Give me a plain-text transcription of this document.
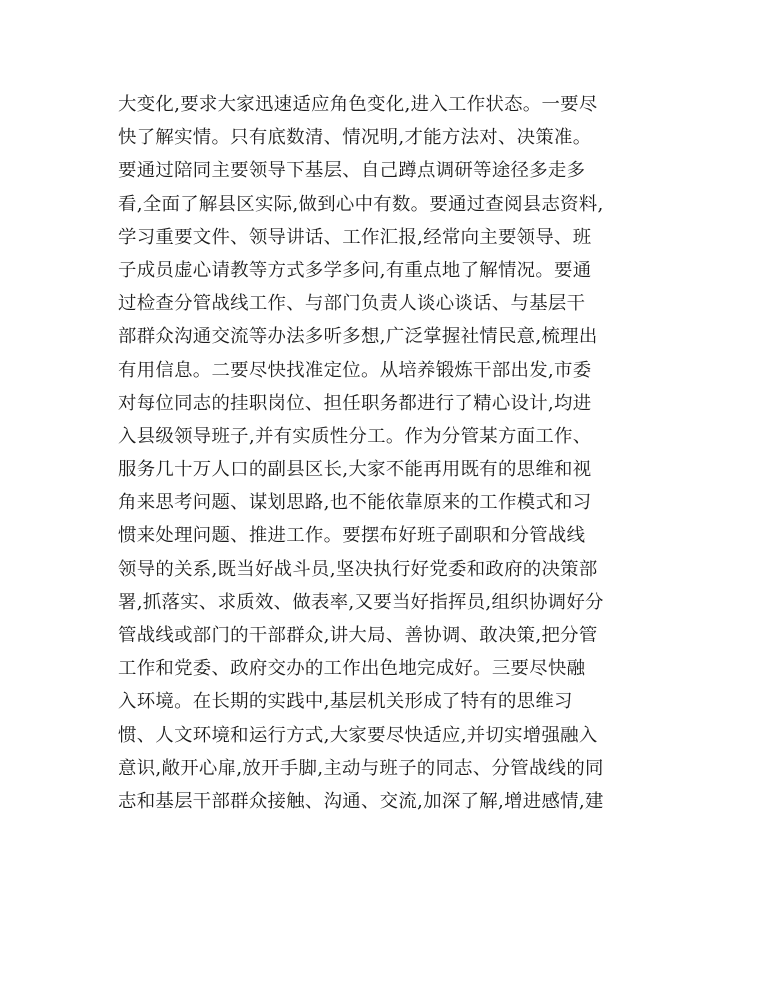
大变化,要求大家迅速适应角色变化,进入工作状态。一要尽
快了解实情。只有底数清、情况明,才能方法对、决策准。
要通过陪同主要领导下基层、自己蹲点调研等途径多走多
看,全面了解县区实际,做到心中有数。要通过查阅县志资料,
学习重要文件、领导讲话、工作汇报,经常向主要领导、班
子成员虚心请教等方式多学多问,有重点地了解情况。要通
过检查分管战线工作、与部门负责人谈心谈话、与基层干
部群众沟通交流等办法多听多想,广泛掌握社情民意,梳理出
有用信息。二要尽快找准定位。从培养锻炼干部出发,市委
对每位同志的挂职岗位、担任职务都进行了精心设计,均进
入县级领导班子,并有实质性分工。作为分管某方面工作、
服务几十万人口的副县区长,大家不能再用既有的思维和视
角来思考问题、谋划思路,也不能依靠原来的工作模式和习
惯来处理问题、推进工作。要摆布好班子副职和分管战线
领导的关系,既当好战斗员,坚决执行好党委和政府的决策部
署,抓落实、求质效、做表率,又要当好指挥员,组织协调好分
管战线或部门的干部群众,讲大局、善协调、敢决策,把分管
工作和党委、政府交办的工作出色地完成好。三要尽快融
入环境。在长期的实践中,基层机关形成了特有的思维习
惯、人文环境和运行方式,大家要尽快适应,并切实增强融入
意识,敞开心扉,放开手脚,主动与班子的同志、分管战线的同
志和基层干部群众接触、沟通、交流,加深了解,增进感情,建
